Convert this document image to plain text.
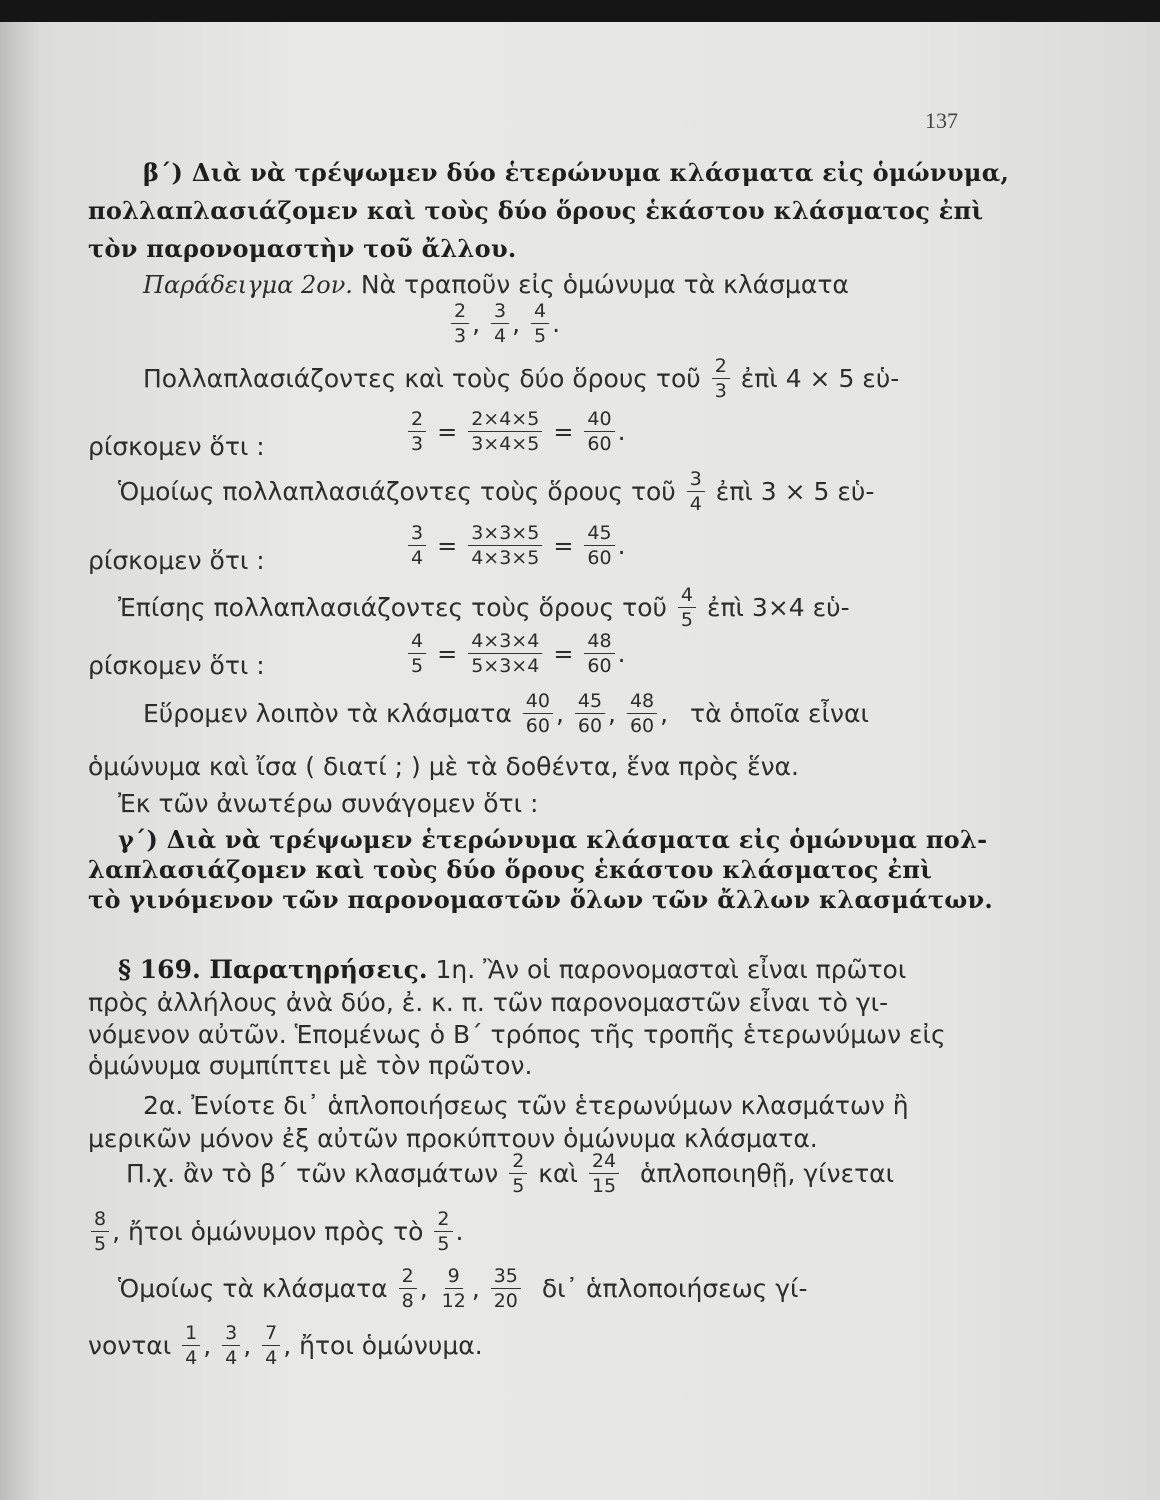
137
β΄) Διὰ νὰ τρέψωμεν δύο ἑτερώνυμα κλάσματα εἰς ὁμώνυμα,
πολλαπλασιάζομεν καὶ τοὺς δύο ὅρους ἑκάστου κλάσματος ἐπὶ
τὸν παρονομαστὴν τοῦ ἄλλου.
Παράδειγμα 2ον. Νὰ τραποῦν εἰς ὁμώνυμα τὰ κλάσματα
$\frac{2}{3}$ , $\frac{3}{4}$ , $\frac{4}{5}$ .
Πολλαπλασιάζοντες καὶ τοὺς δύο ὅρους τοῦ $\frac{2}{3}$ ἐπὶ 4 × 5 εὑ-
ρίσκομεν ὅτι :	$\frac{2}{3} = \frac{2\times 4\times 5}{3\times 4\times 5} = \frac{40}{60}$ .
Ὁμοίως πολλαπλασιάζοντες τοὺς ὅρους τοῦ $\frac{3}{4}$ ἐπὶ 3 × 5 εὑ-
ρίσκομεν ὅτι :	$\frac{3}{4} = \frac{3\times 3\times 5}{4\times 3\times 5} = \frac{45}{60}$ .
Ἐπίσης πολλαπλασιάζοντες τοὺς ὅρους τοῦ $\frac{4}{5}$ ἐπὶ 3×4 εὑ-
ρίσκομεν ὅτι :	$\frac{4}{5} = \frac{4\times 3\times 4}{5\times 3\times 4} = \frac{48}{60}$ .
Εὕρομεν λοιπὸν τὰ κλάσματα $\frac{40}{60}$ , $\frac{45}{60}$ , $\frac{48}{60}$ , τὰ ὁποῖα εἶναι
ὁμώνυμα καὶ ἴσα ( διατί ; ) μὲ τὰ δοθέντα, ἕνα πρὸς ἕνα.
Ἐκ τῶν ἀνωτέρω συνάγομεν ὅτι :
γ΄) Διὰ νὰ τρέψωμεν ἑτερώνυμα κλάσματα εἰς ὁμώνυμα πολ-
λαπλασιάζομεν καὶ τοὺς δύο ὅρους ἑκάστου κλάσματος ἐπὶ
τὸ γινόμενον τῶν παρονομαστῶν ὅλων τῶν ἄλλων κλασμάτων.
§ 169. Παρατηρήσεις. 1η. Ἂν οἱ παρονομασταὶ εἶναι πρῶτοι
πρὸς ἀλλήλους ἀνὰ δύο, ἐ. κ. π. τῶν παρονομαστῶν εἶναι τὸ γι-
νόμενον αὐτῶν. Ἑπομένως ὁ Β΄ τρόπος τῆς τροπῆς ἑτερωνύμων εἰς
ὁμώνυμα συμπίπτει μὲ τὸν πρῶτον.
2α. Ἐνίοτε δι᾽ ἁπλοποιήσεως τῶν ἑτερωνύμων κλασμάτων ἢ
μερικῶν μόνον ἐξ αὐτῶν προκύπτουν ὁμώνυμα κλάσματα.
Π.χ. ἂν τὸ β΄ τῶν κλασμάτων $\frac{2}{5}$ καὶ $\frac{24}{15}$ ἁπλοποιηθῇ, γίνεται
$\frac{8}{5}$ , ἤτοι ὁμώνυμον πρὸς τὸ $\frac{2}{5}$ .
Ὁμοίως τὰ κλάσματα $\frac{2}{8}$ , $\frac{9}{12}$ , $\frac{35}{20}$ δι᾽ ἁπλοποιήσεως γί-
νονται $\frac{1}{4}$ , $\frac{3}{4}$ , $\frac{7}{4}$ , ἤτοι ὁμώνυμα.
